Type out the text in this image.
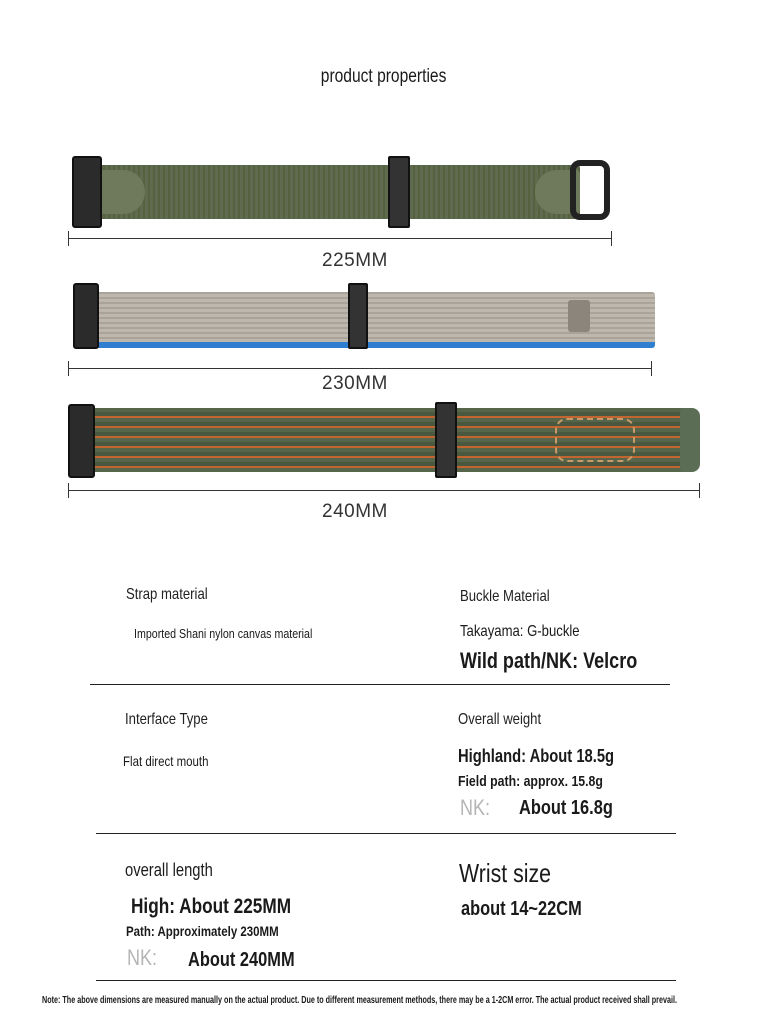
product properties
225MM
230MM
240MM
Strap material
Imported Shani nylon canvas material
Buckle Material
Takayama: G-buckle
Wild path/NK: Velcro
Interface Type
Flat direct mouth
Overall weight
Highland: About 18.5g
Field path: approx. 15.8g
NK:	About 16.8g
overall length
High: About 225MM
Path: Approximately 230MM
NK:	About 240MM
Wrist size
about 14~22CM
Note: The above dimensions are measured manually on the actual product. Due to different measurement methods, there may be a 1-2CM error. The actual product received shall prevail.
